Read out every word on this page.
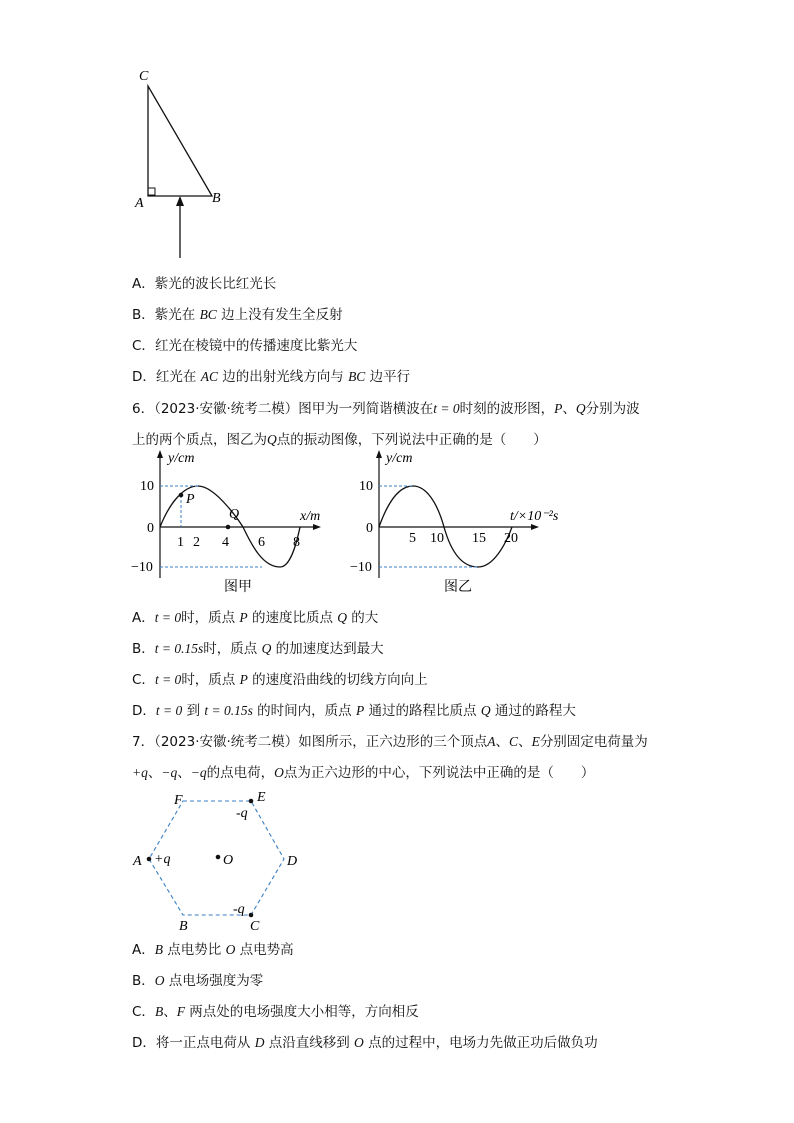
C
A	B
A．紫光的波长比红光长
B．紫光在 BC 边上没有发生全反射
C．红光在棱镜中的传播速度比紫光大
D．红光在 AC 边的出射光线方向与 BC 边平行
6．（2023·安徽·统考二模）图甲为一列简谐横波在t = 0时刻的波形图，P、Q分别为波
上的两个质点，图乙为Q点的振动图像，下列说法中正确的是（　　）
y/cm
x/m
10
0
−10
1 2 4 6 8
P
Q
图甲
y/cm
t/×10⁻²s
10
0
−10
5 10 15 20
图乙
A．t = 0时，质点 P 的速度比质点 Q 的大
B．t = 0.15s时，质点 Q 的加速度达到最大
C．t = 0时，质点 P 的速度沿曲线的切线方向向上
D．t = 0 到 t = 0.15s 的时间内，质点 P 通过的路程比质点 Q 通过的路程大
7．（2023·安徽·统考二模）如图所示，正六边形的三个顶点A、C、E分别固定电荷量为
+q、−q、−q的点电荷，O点为正六边形的中心，下列说法中正确的是（　　）
F	E
A	D
B	C
O
+q
-q
-q
A．B 点电势比 O 点电势高
B．O 点电场强度为零
C．B、F 两点处的电场强度大小相等，方向相反
D．将一正点电荷从 D 点沿直线移到 O 点的过程中，电场力先做正功后做负功
